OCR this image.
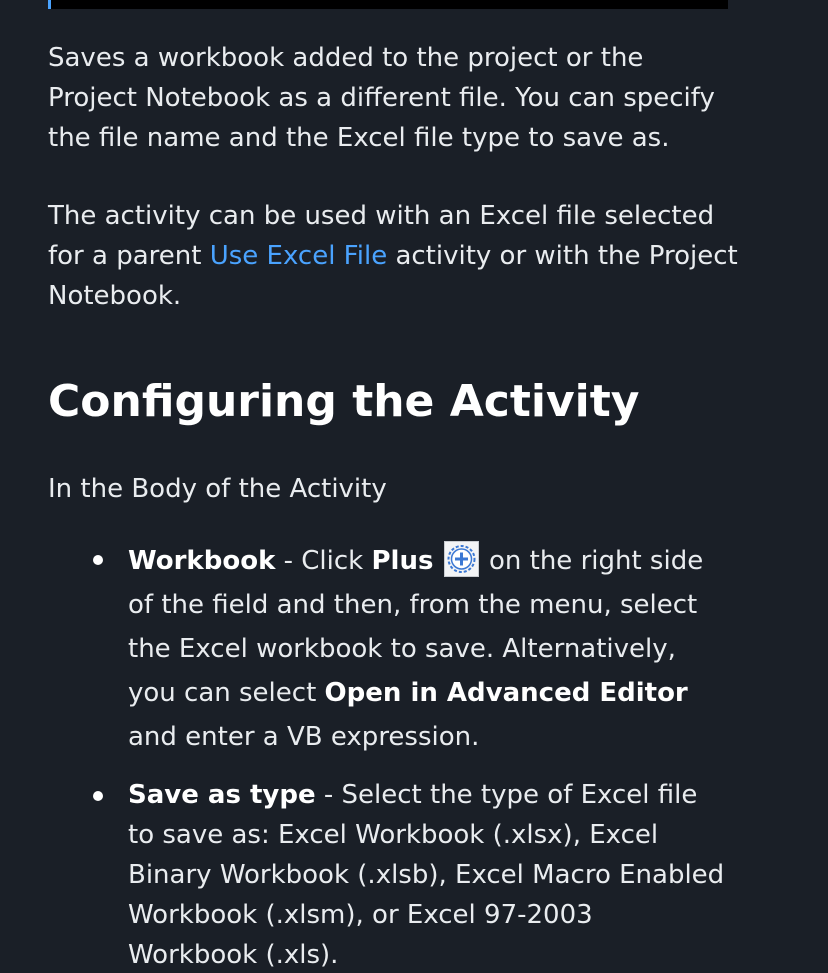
Saves a workbook added to the project or the Project Notebook as a different file. You can specify the file name and the Excel file type to save as.

The activity can be used with an Excel file selected for a parent Use Excel File activity or with the Project Notebook.

Configuring the Activity
In the Body of the Activity
Workbook - Click Plus
on the right side of the field and then, from the menu, select the Excel workbook to save. Alternatively, you can select Open in Advanced Editor and enter a VB expression.
Save as type - Select the type of Excel file to save as: Excel Workbook (.xlsx), Excel Binary Workbook (.xlsb), Excel Macro Enabled Workbook (.xlsm), or Excel 97-2003 Workbook (.xls).
